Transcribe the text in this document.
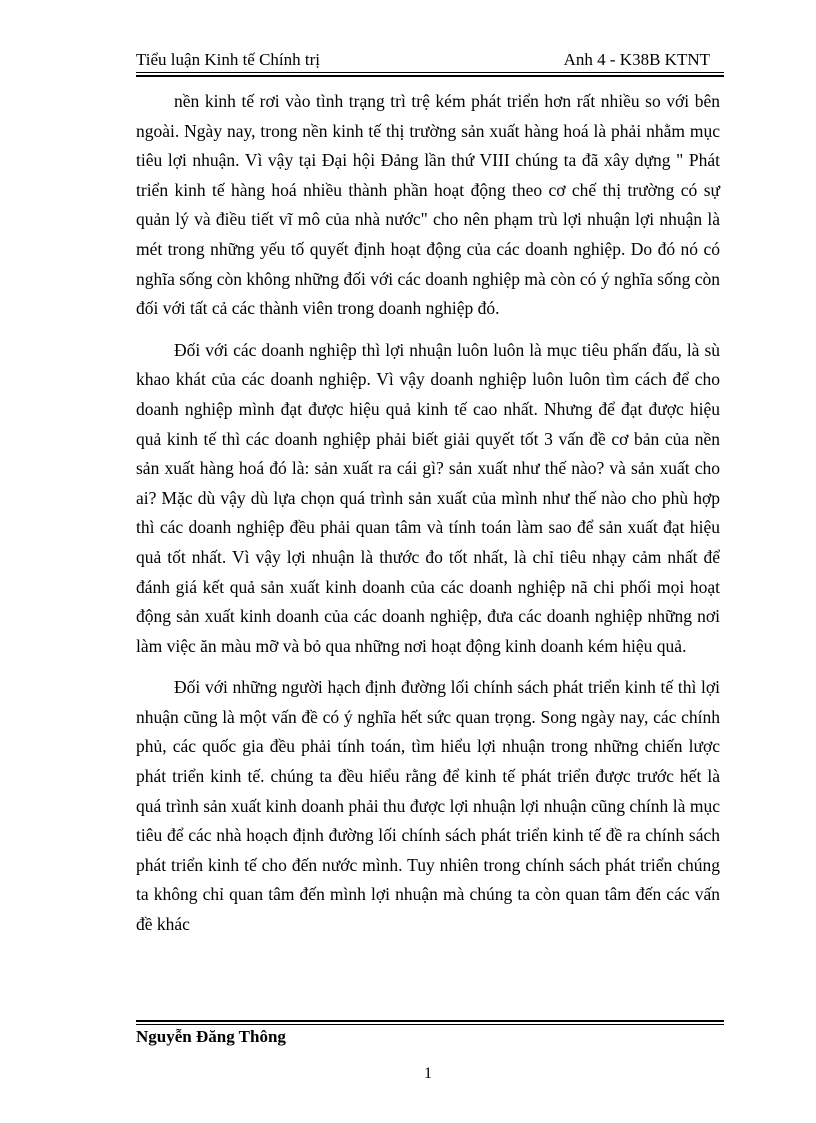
Tiểu luận Kinh tế Chính trị	Anh 4 - K38B KTNT

nền kinh tế rơi vào tình trạng trì trệ kém phát triển hơn rất nhiều so với bên ngoài. Ngày nay, trong nền kinh tế thị trường sản xuất hàng hoá là phải nhằm mục tiêu lợi nhuận. Vì vậy tại Đại hội Đảng lần thứ VIII chúng ta đã xây dựng " Phát triển kinh tế hàng hoá nhiều thành phần hoạt động theo cơ chế thị trường có sự quản lý và điều tiết vĩ mô của nhà nước" cho nên phạm trù lợi nhuận lợi nhuận là mét trong những yếu tố quyết định hoạt động của các doanh nghiệp. Do đó nó có nghĩa sống còn không những đối với các doanh nghiệp mà còn có ý nghĩa sống còn đối với tất cả các thành viên trong doanh nghiệp đó.

Đối với các doanh nghiệp thì lợi nhuận luôn luôn là mục tiêu phấn đấu, là sù khao khát của các doanh nghiệp. Vì vậy doanh nghiệp luôn luôn tìm cách để cho doanh nghiệp mình đạt được hiệu quả kinh tế cao nhất. Nhưng để đạt được hiệu quả kinh tế thì các doanh nghiệp phải biết giải quyết tốt 3 vấn đề cơ bản của nền sản xuất hàng hoá đó là: sản xuất ra cái gì? sản xuất như thế nào? và sản xuất cho ai? Mặc dù vậy dù lựa chọn quá trình sản xuất của mình như thế nào cho phù hợp thì các doanh nghiệp đều phải quan tâm và tính toán làm sao để sản xuất đạt hiệu quả tốt nhất. Vì vậy lợi nhuận là thước đo tốt nhất, là chỉ tiêu nhạy cảm nhất để đánh giá kết quả sản xuất kinh doanh của các doanh nghiệp nã chi phối mọi hoạt động sản xuất kinh doanh của các doanh nghiệp, đưa các doanh nghiệp những nơi làm việc ăn màu mỡ và bỏ qua những nơi hoạt động kinh doanh kém hiệu quả.

Đối với những người hạch định đường lối chính sách phát triển kinh tế thì lợi nhuận cũng là một vấn đề có ý nghĩa hết sức quan trọng. Song ngày nay, các chính phủ, các quốc gia đều phải tính toán, tìm hiểu lợi nhuận trong những chiến lược phát triển kinh tế. chúng ta đều hiểu rằng để kinh tế phát triển được trước hết là quá trình sản xuất kinh doanh phải thu được lợi nhuận lợi nhuận cũng chính là mục tiêu để các nhà hoạch định đường lối chính sách phát triển kinh tế đề ra chính sách phát triển kinh tế cho đến nước mình. Tuy nhiên trong chính sách phát triển chúng ta không chỉ quan tâm đến mình lợi nhuận mà chúng ta còn quan tâm đến các vấn đề khác

Nguyễn Đăng Thông
1
